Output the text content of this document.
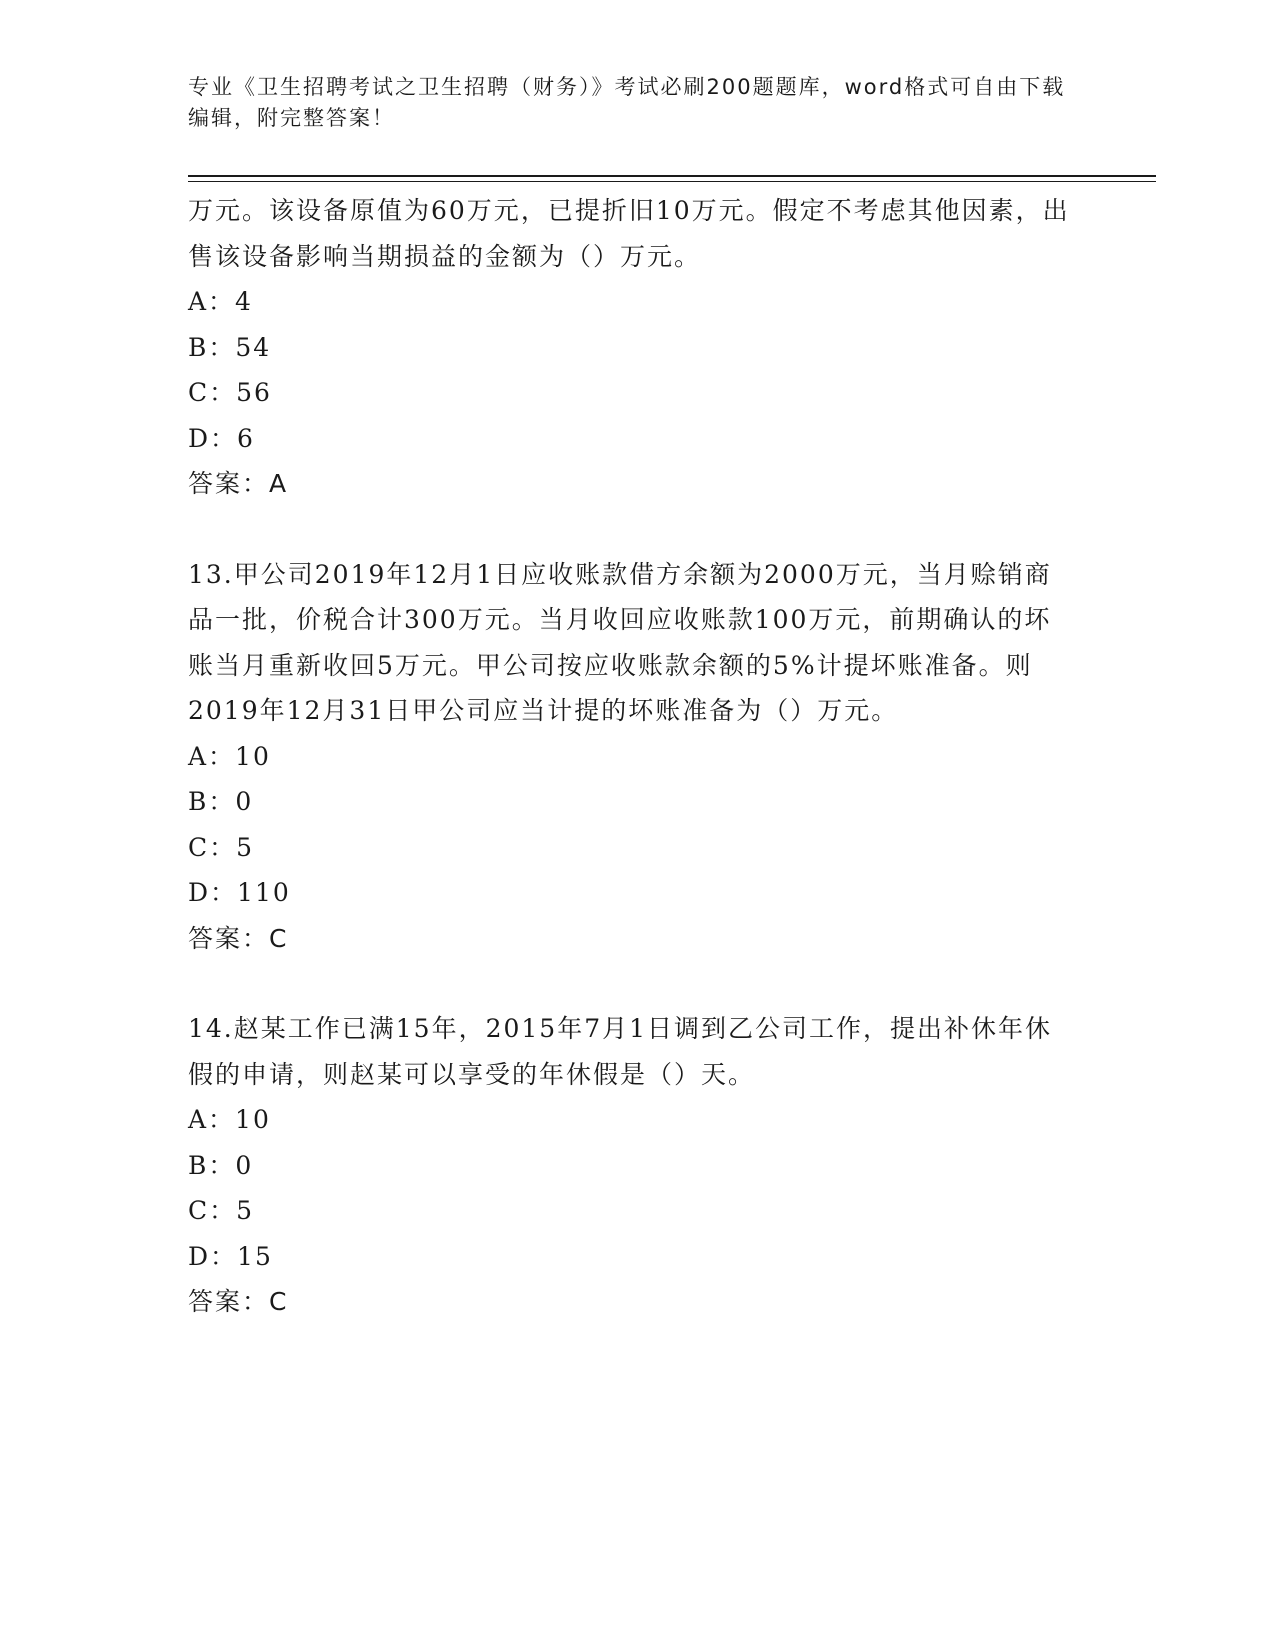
专业《卫生招聘考试之卫生招聘（财务）》考试必刷200题题库，word格式可自由下载编辑，附完整答案！

万元。该设备原值为60万元，已提折旧10万元。假定不考虑其他因素，出售该设备影响当期损益的金额为（）万元。

A：4

B：54

C：56

D：6

答案：A

13.甲公司2019年12月1日应收账款借方余额为2000万元，当月赊销商品一批，价税合计300万元。当月收回应收账款100万元，前期确认的坏账当月重新收回5万元。甲公司按应收账款余额的5%计提坏账准备。则2019年12月31日甲公司应当计提的坏账准备为（）万元。

A：10

B：0

C：5

D：110

答案：C

14.赵某工作已满15年，2015年7月1日调到乙公司工作，提出补休年休假的申请，则赵某可以享受的年休假是（）天。

A：10

B：0

C：5

D：15

答案：C
